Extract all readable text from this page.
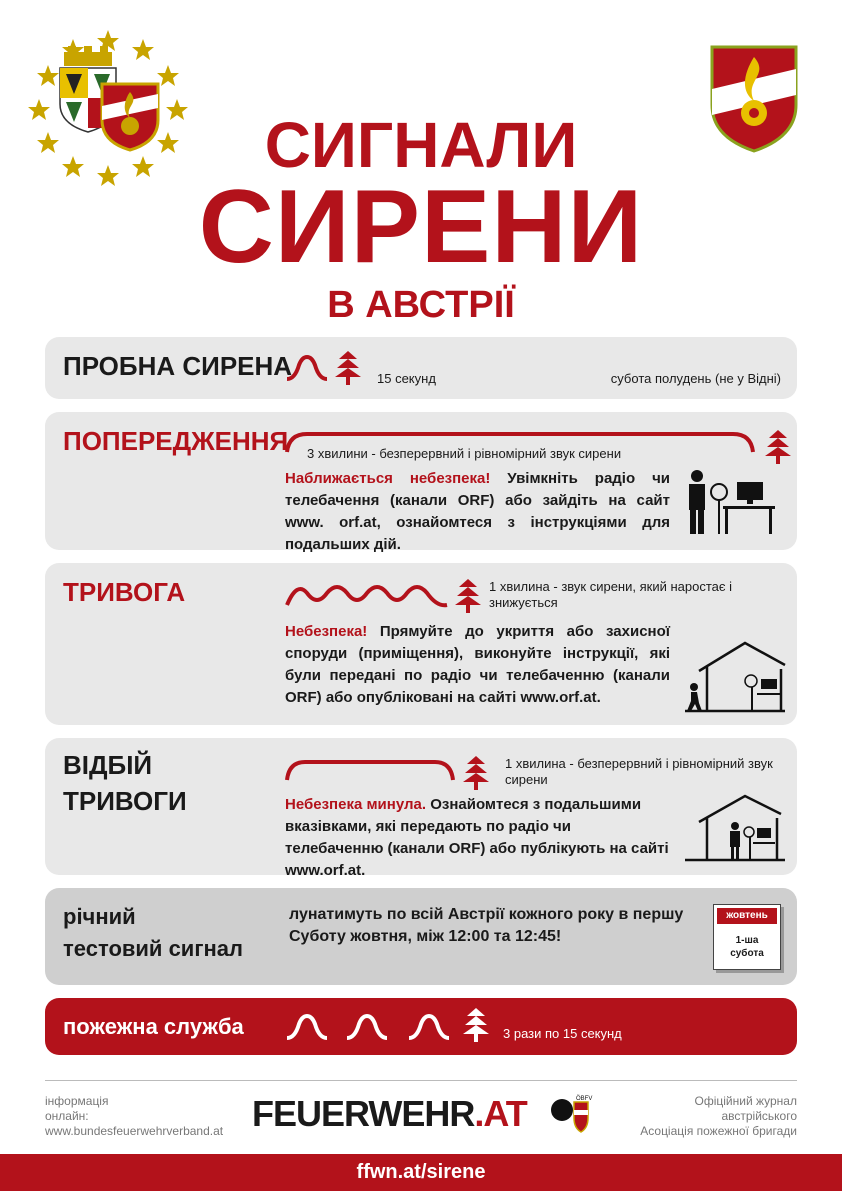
СИГНАЛИ
СИРЕНИ
В АВСТРІЇ
ПРОБНА СИРЕНА	15 секунд	субота полудень (не у Відні)
ПОПЕРЕДЖЕННЯ 3 хвилини - безперервний і рівномірний звук сирени
Наближається небезпека! Увімкніть радіо чи телебачення (канали ORF) або зайдіть на сайт www. orf.at, ознайомтеся з інструкціями для подальших дій.
ТРИВОГА	1 хвилина - звук сирени, який наростає і знижується
Небезпека! Прямуйте до укриття або захисної споруди (приміщення), виконуйте інструкції, які були передані по радіо чи телебаченню (канали ORF) або опубліковані на сайті www.orf.at.
ВІДБІЙ
ТРИВОГИ
1 хвилина - безперервний і рівномірний звук сирени
Небезпека минула. Ознайомтеся з подальшими вказівками, які передають по радіо чи телебаченню (канали ORF) або публікують на сайті www.orf.at.
річний
тестовий сигнал
лунатимуть по всій Австрії кожного року в першу Суботу жовтня, між 12:00 та 12:45!
жовтень
1-ша
субота
пожежна служба	3 рази по 15 секунд
інформація
онлайн:
www.bundesfeuerwehrverband.at FEUERWEHR.AT	ÖBFV	Офіційний журнал
австрійського
Асоціація пожежної бригади
ffwn.at/sirene
